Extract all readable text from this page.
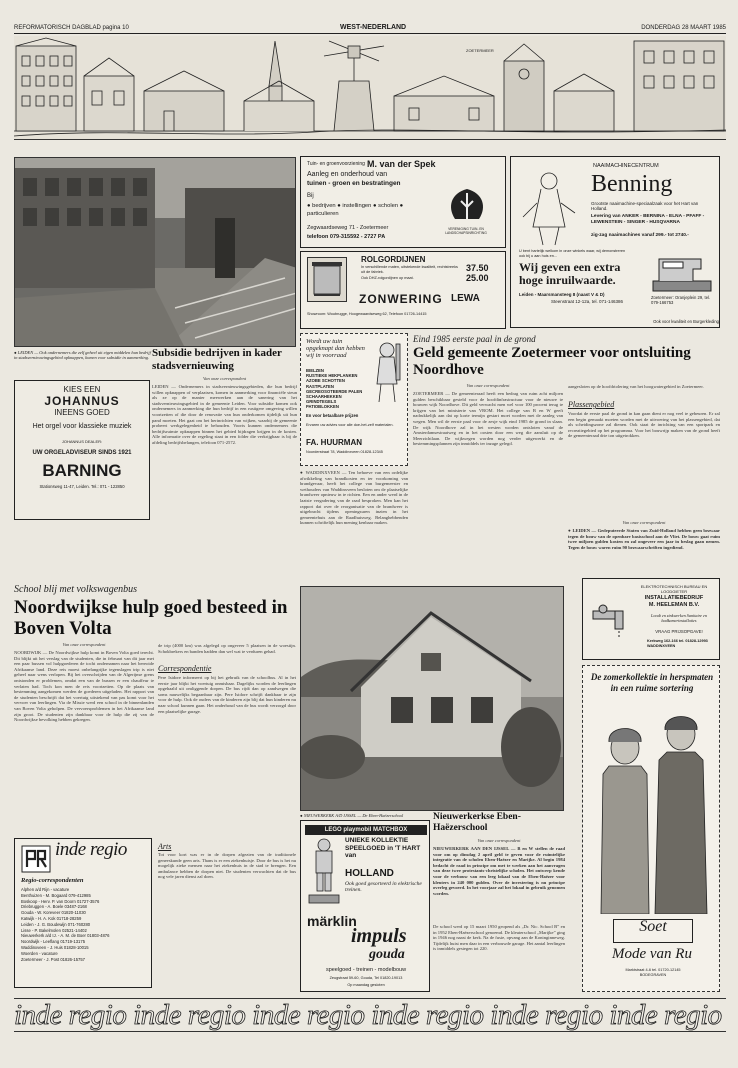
REFORMATORISCH DAGBLAD pagina 10	WEST-NEDERLAND	DONDERDAG 28 MAART 1985
ZOETERMEER
● LEIDEN — Ook ondernemers die zelf geheel uit eigen middelen hun bedrijf in stadsvernieuwingsgebied opknappen, komen voor subsidie in aanmerking. Subsidie bedrijven in kader stadsvernieuwing
Van onze correspondent
LEIDEN — Ondernemers in stadsvernieuwingsgebieden, die hun bedrijf willen opknappen of verplaatsen, komen in aanmerking voor financiële steun als ze op de manier meewerken aan de sanering van het stadsvernieuwingsgebied in de gemeente Leiden. Voor subsidie komen ook ondernemers in aanmerking die hun bedrijf in een rustigere omgeving willen voortzetten of die door de renovatie van hun onderkomen tijdelijk uit hun pand moeten. Het gaat om het herinrichten van wijken, waarbij de gemeente probeert werkgelegenheid te behouden. Voorts kunnen ondernemers die bedrijfsruimte opknappen binnen het gebied bijdragen krijgen in de kosten. Alle informatie over de regeling staat in een folder die verkrijgbaar is bij de afdeling bedrijfsbelangen, telefoon 071-2572.
KIES EEN
JOHANNUS
INEENS GOED
Het orgel voor klassieke muziek
JOHANNUS DEALER:
UW ORGELADVISEUR SINDS 1921
BARNING
Stationsweg 11-47, Leiden. Tel.: 071 - 122850
Tuin- en groenvoorziening M. van der Spek
Aanleg en onderhoud van
tuinen - groen en bestratingen
Bij
● bedrijven ● instellingen ● scholen ● particulieren
Zegwaardseweg 71 - Zoetermeer
telefoon 079-315592 - 2727 PA
VERENIGING TUIN- EN LANDSCHAPSINRICHTING
ROLGORDIJNEN
In verschillende maten, uitstekende kwaliteit, rechtstreeks uit de fabriek.
Ook DHZ-rolgordijnen op maat.
37.50
25.00
ZONWERING LEWA
Showroom: Woubrugge, Hoogewaardseweg 62, Telefoon 01726-14415
NAAIMACHINECENTRUM
Benning
Grootste naaimachine-speciaalzaak voor het Hart van Holland.
Levering van ANKER - BERNINA - ELNA - PFAFF - LEWENSTEIN - SINGER - HUSQVARNA
zig-zag naaimachines vanaf 299.- tot 2740.-
U bent hartelijk welkom in onze winkels waar, wij demonstreren ook bij u aan huis en...
Wij geven een extra hoge inruilwaarde.
Leiden - Maarsmansteeg 8 (naast V & D)
Steenstraat 12-12a, tel. 071-146386
Zoetermeer: Oranjeplein 29, tel. 079-166753
Ook voor kwaliteit en Burgerkleding
Wordt uw tuin opgeknapt dan hebben wij in voorraad
BIELZEN
RUSTIEKE HEKPLANKEN
AZOBE SCHOTTEN
RASTPLATEN
GECREOSOTEERDE PALEN
SCHAARHEKKEN
GRINDTEGELS
PATIOBLOKKEN
En voor betaalbare prijzen
Ervaren uw advies voor alle doe-het-zelf materialen.
FA. HUURMAN
Noorderstraat 78, Waddinxveen 01828-12345
● WADDINXVEEN — Ten behoeve van een ordelijke afwikkeling van brandkosten en ter voorkoming van brandgevaar, heeft het college van burgemeester en wethouders van Waddinxveen besloten om de plaatselijke brandweer opnieuw in te richten. Een en ander werd in de laatste vergadering van de raad besproken. Men kan het rapport dat over de reorganisatie van de brandweer is uitgebracht tijdens openingsuren inzien in het gemeentehuis aan de Raadhuisweg. Belanghebbenden kunnen schriftelijk hun mening kenbaar maken.
Eind 1985 eerste paal in de grond
Geld gemeente Zoetermeer voor ontsluiting Noordhove
Van onze correspondent
ZOETERMEER — De gemeenteraad heeft een bedrag van ruim acht miljoen gulden beschikbaar gesteld voor de hoofdinfrastructuur voor de nieuwe te bouwen wijk Noordhove. Dit geld verwacht men wel voor 100 procent terug te krijgen van het ministerie van VROM. Het college van B en W geeft nadrukkelijk aan dat op korte termijn gestart moet worden met de aanleg van wegen. Men wil de eerste paal voor de zesje wijk eind 1985 de grond in slaan. De wijk Noordhove zal in het westen worden ontsloten vanaf de Amsterdamsestraatweg en in het oosten door een weg die aansluit op de Meerzichtlaan. De wijkwegen worden nog verder uitgewerkt en de bestemmingsplannen zijn inmiddels ter inzage gelegd.
aangesloten op de hoofdriolering van het hoogwatergebied in Zoetermeer.
Plassengebied
Voordat de eerste paal de grond in kan gaan dient er nog veel te gebeuren. Er zal een begin gemaakt moeten worden met de uitvoering van het plassengebied, dat als scheidingszone zal dienen. Ook staat de inrichting van een sportpark en recreatiegebied op het programma. Voor het bouwrijp maken van de grond heeft de gemeenteraad drie ton uitgetrokken.
Van onze correspondent
● LEIDEN — Gedeputeerde Staten van Zuid-Holland hebben geen bezwaar tegen de bouw van de openbare basisschool aan de Vliet. De bouw gaat ruim twee miljoen gulden kosten en zal ongeveer een jaar in beslag gaan nemen. Tegen de bouw waren ruim 90 bezwaarschriften ingediend.
School blij met volkswagenbus
Noordwijkse hulp goed besteed in Boven Volta
Van onze correspondent
NOORDWIJK — De Noordwijkse hulp komt in Boven Volta goed terecht. Dit blijkt uit het verslag van de studenten, die in februari van dit jaar met een paar bussen vol hulpgoederen de tocht ondernamen naar het bereoide Afrikaanse land. Deze reis moest onbelangrijke tegenslagen trip is niet geheel naar wens verlopen. Bij het overschrijden van de Algerijnse grens ontstonden er problemen, omdat een van de bussen er een chauffeur te verlaten had. Toch kon men de reis voortzetten. Op de plaats van bestemming aangekomen werden de goederen uitgeladen. Het rapport van de studenten beschrijft dat het voertuig uitstekend van pas komt voor het vervoer van leerlingen. Via de Missie werd een school in de binnenlanden van Boven Volta geholpen. De vervoersproblemen in het Afrikaanse land zijn groot. De studenten zijn dankbaar voor de hulp die zij van de Noordwijkse bevolking hebben gekregen.
de trip (4000 km) was afgelegd op ongeveer 5 plaatsen in de woestijn. Schokbrekers en banden hadden dan wel wat te verduren gehad.
Correspondentie
Pere Isidore informeert op bij het gebruik van de schoolbus. Al in het eerste jaar blijkt het voertuig onmisbaar. Dagelijks worden de leerlingen opgehaald uit omliggende dorpen. De bus rijdt dan op zandwegen die soms nauwelijks begaanbaar zijn. Pere Isidore schrijft dankbaar te zijn voor de hulp. Ook de ouders van de kinderen zijn blij dat hun kinderen nu naar school kunnen gaan. Het onderhoud van de bus wordt verzorgd door een plaatselijke garage.
Arts
Tot voor kort was er in de dorpen afgezien van de traditionele geneeskunde geen arts. Thans is er een ziekenhuisje. Door de bus is het nu mogelijk zieke mensen naar het ziekenhuis in de stad te brengen. Een ambulance hebben de dorpen niet. De studenten verwachten dat de bus nog vele jaren dienst zal doen.
inde regio
Regio-correspondenten
Alphen a/d Rijn - vacature
Benthuizen - M. Bogaard 079-412985
Boskoop - Herv. P. van Doorn 01727-3576
Driebruggen - A. Boele 03487-2168
Gouda - W. Koreveer 01820-11030
Katwijk - H. A. Kok 01718-28259
Leiden - J. G. Boudewijn 071-760280
Lisse - P. Bakelmolen 02521-14402
Nieuwerkerk a/d IJ. - A. M. de Boer 01803-4876
Noordwijk - Leeflang 01719-13175
Waddinxveen - J. Huis 01828-10015
Woerden - vacature
Zoetermeer - J. Post 01826-15757
● NIEUWERKERK A/D IJSSEL — De Eben-Haëzerschool	Nieuwerkerkse Eben-Haëzerschool
Van onze correspondent
NIEUWERKERK AAN DEN IJSSEL — B en W stellen de raad voor om op dinsdag 2 april geld te geven voor de ruimtelijke integratie van de scholen Eben-Haëzer en Marijke. Al begin 1984 bedacht de raad in principe om met te werken aan het aanvragen van deze twee protestants-christelijke scholen. Het ontwerp kende voor de verbouw van een leeg lokaal van de Eben-Haëzer voor kleuters in 240 000 gulden. Over de investering is nu principe overleg gevoerd. In het voorjaar zal het lokaal in gebruik genomen worden.
De school werd op 15 maart 1950 geopend als „Dr. Nic. School B” en in 1952 Eben-Haëzerschool genoemd. De kleuterschool „Marijke” ging in 1946 nog naast de kerk. Na de fusie, opvang aan de Koninginneweg. Tijdelijk huist men daar in een verbouwde garage. Het aantal leerlingen is inmiddels gestegen tot 220.
LEGO playmobil MATCHBOX
UNIEKE KOLLEKTIE SPEELGOED in 'T HART van
HOLLAND
Ook goed gesorteerd in elektrische treinen.
märklin
impuls
gouda
speelgoed - treinen - modelbouw
Zeugstraat 59-60, Gouda, Tel 01820-19013
Op maandag gesloten
ELEKTROTECHNISCH BUREAU EN LOODGIETER
INSTALLATIEBEDRIJF
M. HEELEMAN B.V.
Loodt en zinkwerken Sanitaire en badkamerinstallaties
VRAAG PRIJSOPGAVE!
Kerkweg 162-166 tel. 01828-12993 WADDINXVEEN
De zomerkollektie in herspmaten in een ruime sortering
Soet
Mode van Ru
Marktstraat 4-6 tel. 01720-12145 BODEGRAVEN
inde regio inde regio inde regio inde regio inde regio inde regio
